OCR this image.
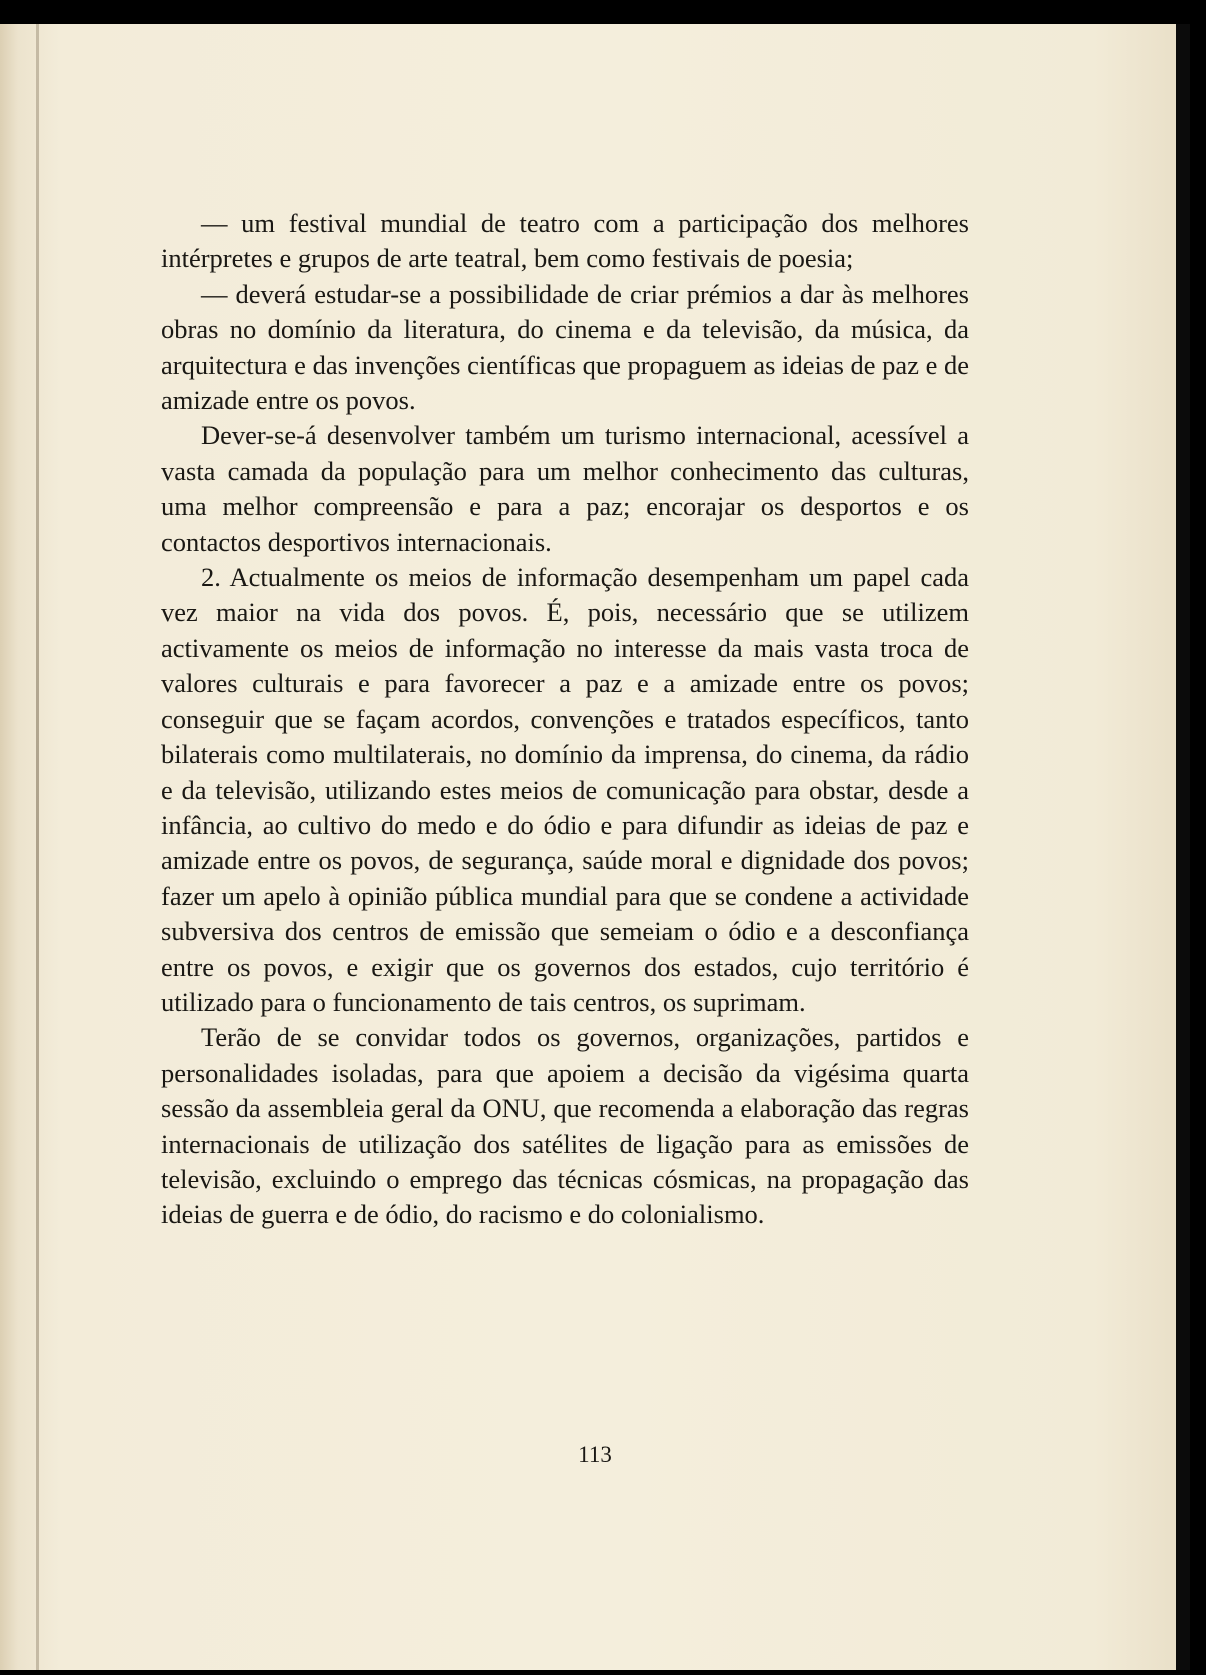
— um festival mundial de teatro com a participação dos melhores intérpretes e grupos de arte teatral, bem como festivais de poesia;

— deverá estudar-se a possibilidade de criar prémios a dar às melhores obras no domínio da literatura, do cinema e da televisão, da música, da arquitectura e das invenções científicas que propaguem as ideias de paz e de amizade entre os povos.

Dever-se-á desenvolver também um turismo internacional, acessível a vasta camada da população para um melhor conhecimento das culturas, uma melhor compreensão e para a paz; encorajar os desportos e os contactos desportivos internacionais.

2. Actualmente os meios de informação desempenham um papel cada vez maior na vida dos povos. É, pois, necessário que se utilizem activamente os meios de informação no interesse da mais vasta troca de valores culturais e para favorecer a paz e a amizade entre os povos; conseguir que se façam acordos, convenções e tratados específicos, tanto bilaterais como multilaterais, no domínio da imprensa, do cinema, da rádio e da televisão, utilizando estes meios de comunicação para obstar, desde a infância, ao cultivo do medo e do ódio e para difundir as ideias de paz e amizade entre os povos, de segurança, saúde moral e dignidade dos povos; fazer um apelo à opinião pública mundial para que se condene a actividade subversiva dos centros de emissão que semeiam o ódio e a desconfiança entre os povos, e exigir que os governos dos estados, cujo território é utilizado para o funcionamento de tais centros, os suprimam.

Terão de se convidar todos os governos, organizações, partidos e personalidades isoladas, para que apoiem a decisão da vigésima quarta sessão da assembleia geral da ONU, que recomenda a elaboração das regras internacionais de utilização dos satélites de ligação para as emissões de televisão, excluindo o emprego das técnicas cósmicas, na propagação das ideias de guerra e de ódio, do racismo e do colonialismo.

113
